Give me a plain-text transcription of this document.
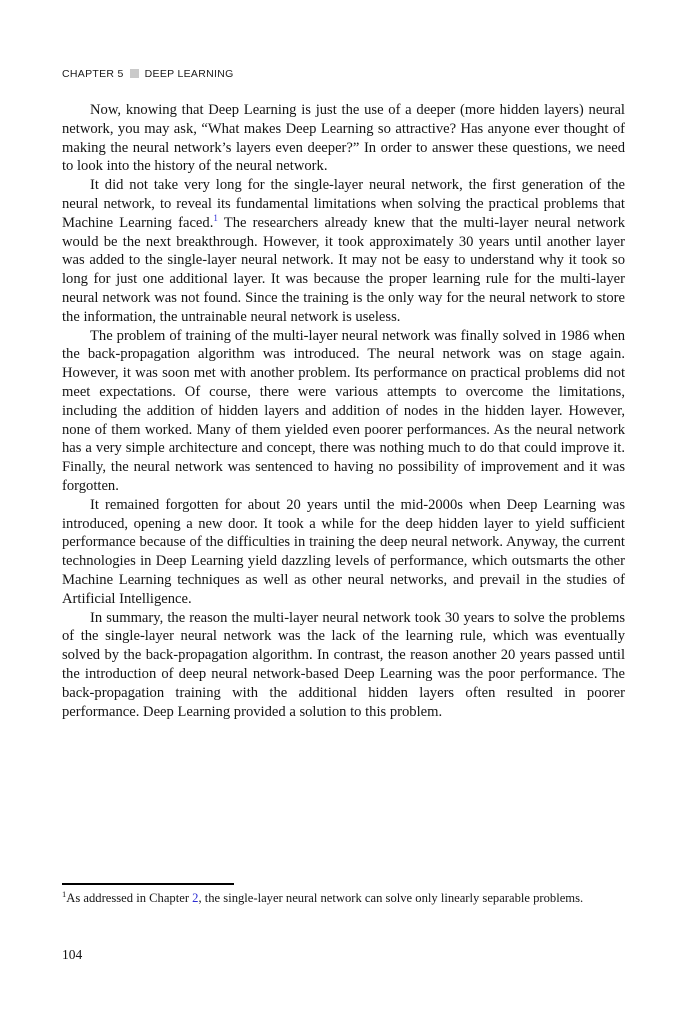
CHAPTER 5 DEEP LEARNING

Now, knowing that Deep Learning is just the use of a deeper (more hidden layers) neural network, you may ask, “What makes Deep Learning so attractive? Has anyone ever thought of making the neural network’s layers even deeper?” In order to answer these questions, we need to look into the history of the neural network.

It did not take very long for the single-layer neural network, the first generation of the neural network, to reveal its fundamental limitations when solving the practical problems that Machine Learning faced.$^1$ The researchers already knew that the multi-layer neural network would be the next breakthrough. However, it took approximately 30 years until another layer was added to the single-layer neural network. It may not be easy to understand why it took so long for just one additional layer. It was because the proper learning rule for the multi-layer neural network was not found. Since the training is the only way for the neural network to store the information, the untrainable neural network is useless.

The problem of training of the multi-layer neural network was finally solved in 1986 when the back-propagation algorithm was introduced. The neural network was on stage again. However, it was soon met with another problem. Its performance on practical problems did not meet expectations. Of course, there were various attempts to overcome the limitations, including the addition of hidden layers and addition of nodes in the hidden layer. However, none of them worked. Many of them yielded even poorer performances. As the neural network has a very simple architecture and concept, there was nothing much to do that could improve it. Finally, the neural network was sentenced to having no possibility of improvement and it was forgotten.

It remained forgotten for about 20 years until the mid-2000s when Deep Learning was introduced, opening a new door. It took a while for the deep hidden layer to yield sufficient performance because of the difficulties in training the deep neural network. Anyway, the current technologies in Deep Learning yield dazzling levels of performance, which outsmarts the other Machine Learning techniques as well as other neural networks, and prevail in the studies of Artificial Intelligence.

In summary, the reason the multi-layer neural network took 30 years to solve the problems of the single-layer neural network was the lack of the learning rule, which was eventually solved by the back-propagation algorithm. In contrast, the reason another 20 years passed until the introduction of deep neural network-based Deep Learning was the poor performance. The back-propagation training with the additional hidden layers often resulted in poorer performance. Deep Learning provided a solution to this problem.

$^1$As addressed in Chapter 2, the single-layer neural network can solve only linearly separable problems.
104
